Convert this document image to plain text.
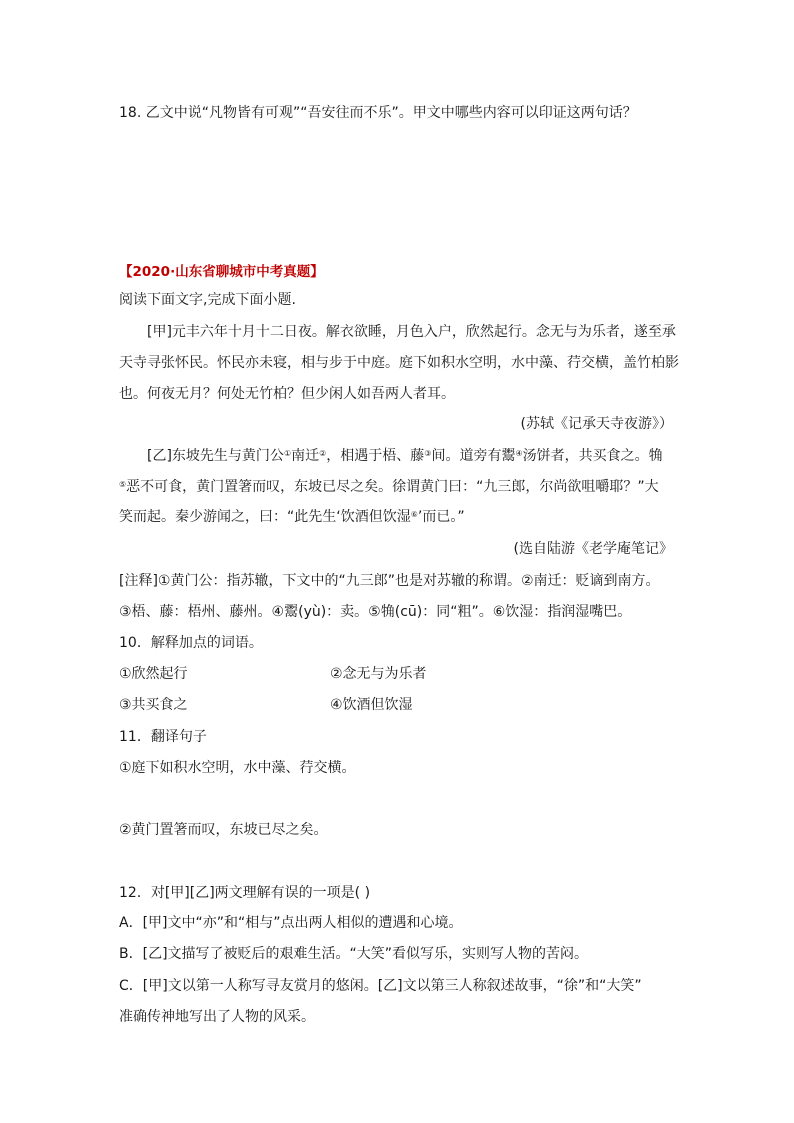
18. 乙文中说“凡物皆有可观”“吾安往而不乐”。甲文中哪些内容可以印证这两句话？
【2020·山东省聊城市中考真题】
阅读下面文字,完成下面小题.
[甲]元丰六年十月十二日夜。解衣欲睡，月色入户，欣然起行。念无与为乐者，遂至承
天寺寻张怀民。怀民亦未寝，相与步于中庭。庭下如积水空明，水中藻、荇交横，盖竹柏影
也。何夜无月？何处无竹柏？但少闲人如吾两人者耳。
(苏轼《记承天寺夜游》）
[乙]东坡先生与黄门公①南迁②，相遇于梧、藤③间。道旁有鬻④汤饼者，共买食之。觕
⑤恶不可食，黄门置箸而叹，东坡已尽之矣。徐谓黄门曰：“九三郎，尔尚欲咀嚼耶？”大
笑而起。秦少游闻之，曰：“此先生‘饮酒但饮湿⑥’而已。”
(选自陆游《老学庵笔记》
[注释]①黄门公：指苏辙，下文中的“九三郎”也是对苏辙的称谓。②南迁：贬谪到南方。
③梧、藤：梧州、藤州。④鬻(yù)：卖。⑤觕(cū)：同“粗”。⑥饮湿：指润湿嘴巴。
10．解释加点的词语。
①欣然起行	②念无与为乐者
③共买食之	④饮酒但饮湿
11．翻译句子
①庭下如积水空明，水中藻、荇交横。
②黄门置箸而叹，东坡已尽之矣。
12．对[甲][乙]两文理解有误的一项是( )
A．[甲]文中“亦”和“相与”点出两人相似的遭遇和心境。
B．[乙]文描写了被贬后的艰难生活。“大笑”看似写乐，实则写人物的苦闷。
C．[甲]文以第一人称写寻友赏月的悠闲。[乙]文以第三人称叙述故事，“徐”和“大笑”
准确传神地写出了人物的风采。
